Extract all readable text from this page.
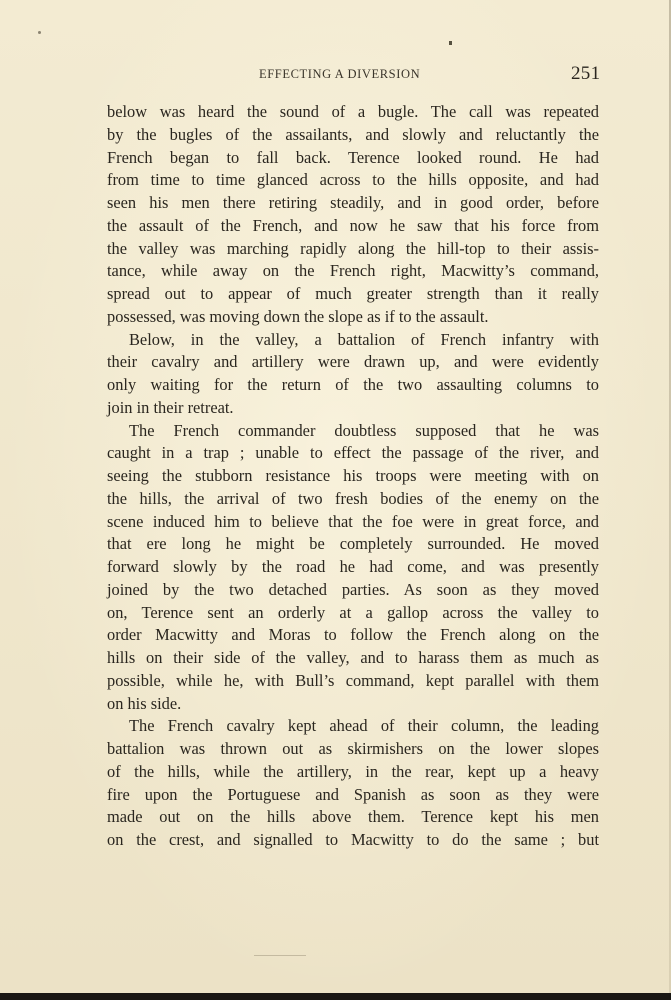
EFFECTING A DIVERSION	251
below was heard the sound of a bugle. The call was repeated
by the bugles of the assailants, and slowly and reluctantly the
French began to fall back. Terence looked round. He had
from time to time glanced across to the hills opposite, and had
seen his men there retiring steadily, and in good order, before
the assault of the French, and now he saw that his force from
the valley was marching rapidly along the hill-top to their assis-
tance, while away on the French right, Macwitty’s command,
spread out to appear of much greater strength than it really
possessed, was moving down the slope as if to the assault.
Below, in the valley, a battalion of French infantry with
their cavalry and artillery were drawn up, and were evidently
only waiting for the return of the two assaulting columns to
join in their retreat.
The French commander doubtless supposed that he was
caught in a trap ; unable to effect the passage of the river, and
seeing the stubborn resistance his troops were meeting with on
the hills, the arrival of two fresh bodies of the enemy on the
scene induced him to believe that the foe were in great force, and
that ere long he might be completely surrounded. He moved
forward slowly by the road he had come, and was presently
joined by the two detached parties. As soon as they moved
on, Terence sent an orderly at a gallop across the valley to
order Macwitty and Moras to follow the French along on the
hills on their side of the valley, and to harass them as much as
possible, while he, with Bull’s command, kept parallel with them
on his side.
The French cavalry kept ahead of their column, the leading
battalion was thrown out as skirmishers on the lower slopes
of the hills, while the artillery, in the rear, kept up a heavy
fire upon the Portuguese and Spanish as soon as they were
made out on the hills above them. Terence kept his men
on the crest, and signalled to Macwitty to do the same ; but
